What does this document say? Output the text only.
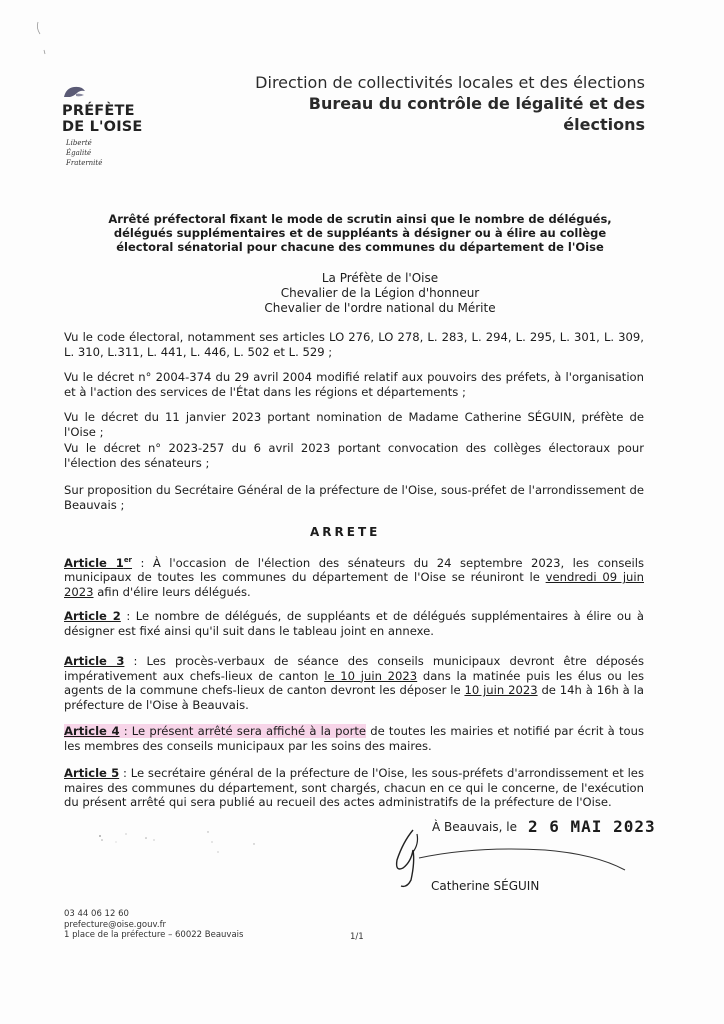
PRÉFÈTE
DE L'OISE
Liberté
Égalité
Fraternité
Direction de collectivités locales et des élections
Bureau du contrôle de légalité et des élections
Arrêté préfectoral fixant le mode de scrutin ainsi que le nombre de délégués, délégués supplémentaires et de suppléants à désigner ou à élire au collège électoral sénatorial pour chacune des communes du département de l'Oise
La Préfète de l'Oise
Chevalier de la Légion d'honneur
Chevalier de l'ordre national du Mérite
Vu le code électoral, notamment ses articles LO 276, LO 278, L. 283, L. 294, L. 295, L. 301, L. 309, L. 310, L.311, L. 441, L. 446, L. 502 et L. 529 ;
Vu le décret n° 2004-374 du 29 avril 2004 modifié relatif aux pouvoirs des préfets, à l'organisation et à l'action des services de l'État dans les régions et départements ;
Vu le décret du 11 janvier 2023 portant nomination de Madame Catherine SÉGUIN, préfète de l'Oise ;
Vu le décret n° 2023-257 du 6 avril 2023 portant convocation des collèges électoraux pour l'élection des sénateurs ;
Sur proposition du Secrétaire Général de la préfecture de l'Oise, sous-préfet de l'arrondissement de Beauvais ;
ARRETE
Article 1er : À l'occasion de l'élection des sénateurs du 24 septembre 2023, les conseils municipaux de toutes les communes du département de l'Oise se réuniront le vendredi 09 juin 2023 afin d'élire leurs délégués.
Article 2 : Le nombre de délégués, de suppléants et de délégués supplémentaires à élire ou à désigner est fixé ainsi qu'il suit dans le tableau joint en annexe.
Article 3 : Les procès-verbaux de séance des conseils municipaux devront être déposés impérativement aux chefs-lieux de canton le 10 juin 2023 dans la matinée puis les élus ou les agents de la commune chefs-lieux de canton devront les déposer le 10 juin 2023 de 14h à 16h à la préfecture de l'Oise à Beauvais.
Article 4 : Le présent arrêté sera affiché à la porte de toutes les mairies et notifié par écrit à tous les membres des conseils municipaux par les soins des maires.
Article 5 : Le secrétaire général de la préfecture de l'Oise, les sous-préfets d'arrondissement et les maires des communes du département, sont chargés, chacun en ce qui le concerne, de l'exécution du présent arrêté qui sera publié au recueil des actes administratifs de la préfecture de l'Oise.
À Beauvais, le 2 6 MAI 2023
Catherine SÉGUIN
03 44 06 12 60
prefecture@oise.gouv.fr
1 place de la préfecture – 60022 Beauvais	1/1
